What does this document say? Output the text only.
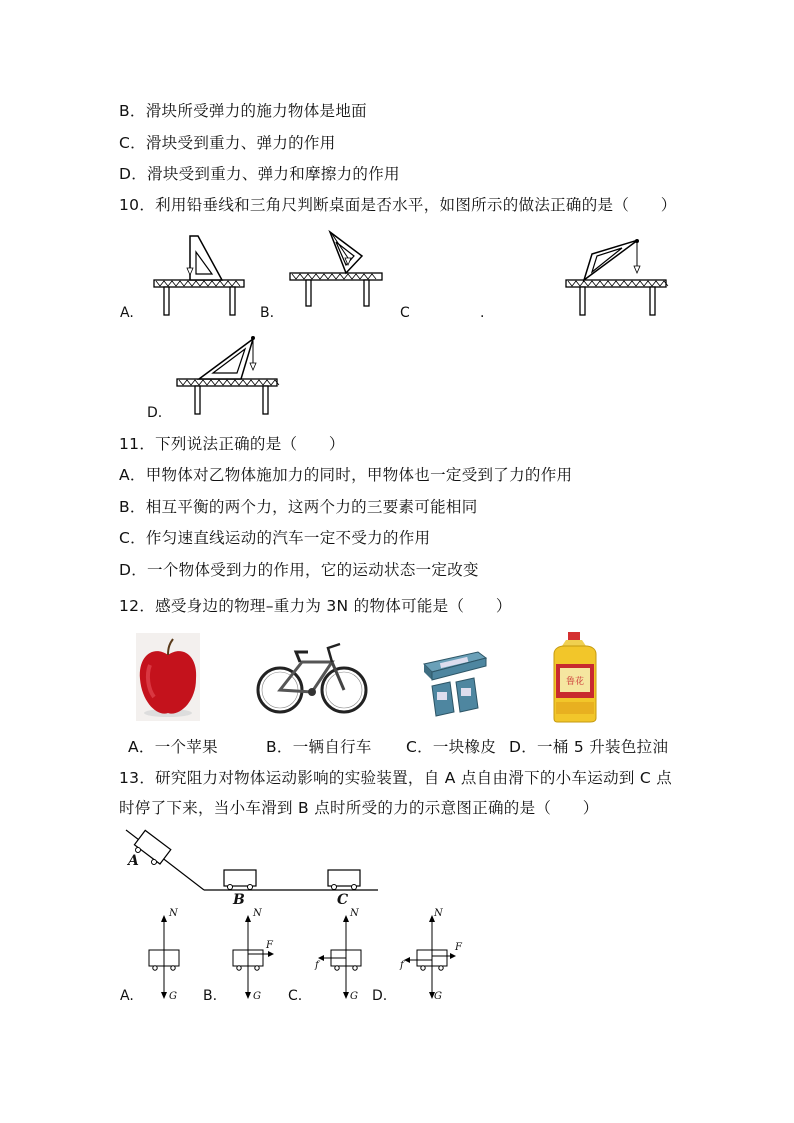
B．滑块所受弹力的施力物体是地面
C．滑块受到重力、弹力的作用
D．滑块受到重力、弹力和摩擦力的作用
10．利用铅垂线和三角尺判断桌面是否水平，如图所示的做法正确的是（　　）
A.	B.	C	.
D.
11．下列说法正确的是（　　）
A．甲物体对乙物体施加力的同时，甲物体也一定受到了力的作用
B．相互平衡的两个力，这两个力的三要素可能相同
C．作匀速直线运动的汽车一定不受力的作用
D．一个物体受到力的作用，它的运动状态一定改变
12．感受身边的物理–重力为 3N 的物体可能是（　　）
鲁花
A．一个苹果	B．一辆自行车 C．一块橡皮 D．一桶 5 升装色拉油
13．研究阻力对物体运动影响的实验装置，自 A 点自由滑下的小车运动到 C 点
时停了下来，当小车滑到 B 点时所受的力的示意图正确的是（　　）
A
B	C
N
G
N
F
G
N
f
G
N
F
f
G
A.	B.	C.	D.
